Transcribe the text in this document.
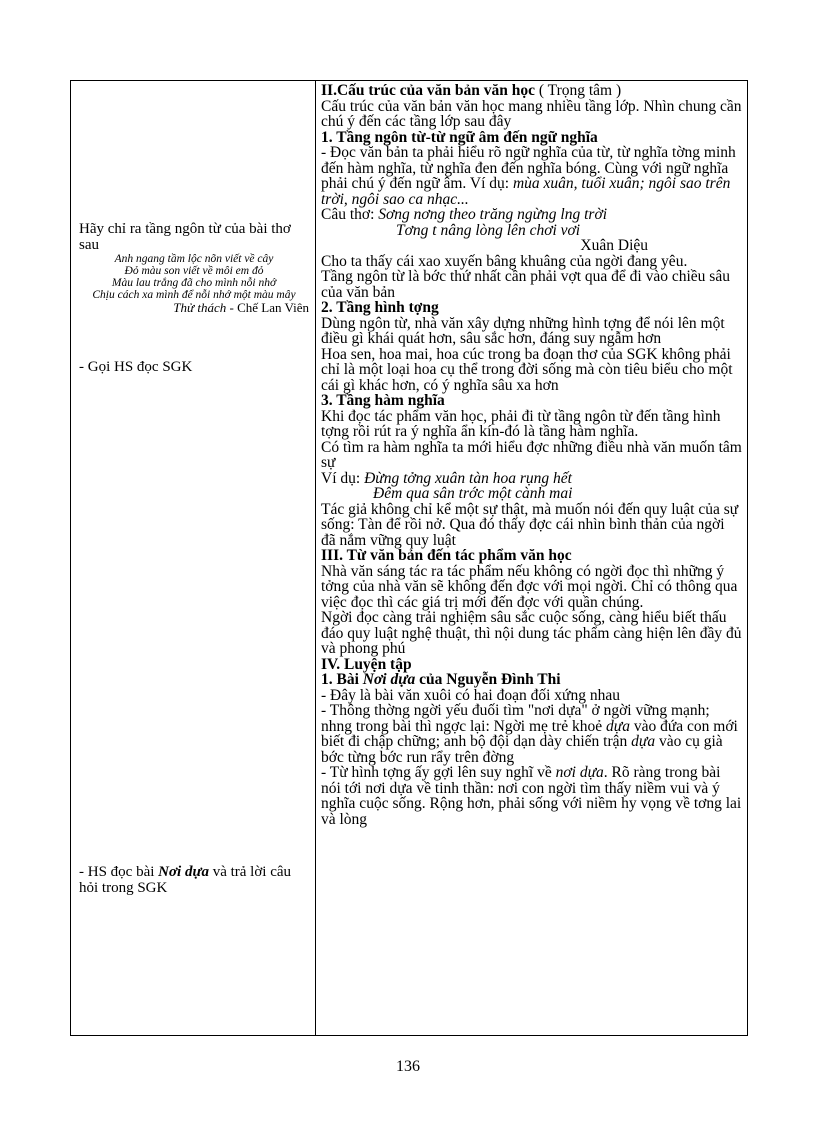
Hãy chỉ ra tầng ngôn từ của bài thơ sau

Anh ngang tầm lộc nõn viết về cây

Đỏ màu son viết về môi em đỏ

Màu lau trắng đã cho mình nỗi nhớ

Chịu cách xa mình để nỗi nhớ một màu mây

Thử thách - Chế Lan Viên

- Gọi HS đọc SGK

- HS đọc bài Nơi dựa và trả lời câu hỏi trong SGK

II.Cấu trúc của văn bản văn học ( Trọng tâm )

Cấu trúc của văn bản văn học mang nhiều tầng lớp. Nhìn chung cần chú ý đến các tầng lớp sau đây

1. Tầng ngôn từ-từ ngữ âm đến ngữ nghĩa

- Đọc văn bản ta phải hiểu rõ ngữ nghĩa của từ, từ nghĩa tờng minh đến hàm nghĩa, từ nghĩa đen đến nghĩa bóng. Cùng với ngữ nghĩa phải chú ý đến ngữ âm. Ví dụ: mùa xuân, tuổi xuân; ngôi sao trên trời, ngôi sao ca nhạc...

Câu thơ: Sơng nơng theo trăng ngừng lng trời

Tơng t nâng lòng lên chơi vơi

Xuân Diệu

Cho ta thấy cái xao xuyến bâng khuâng của ngời đang yêu.

Tầng ngôn từ là bớc thứ nhất cần phải vợt qua để đi vào chiều sâu của văn bản

2. Tầng hình tợng

Dùng ngôn từ, nhà văn xây dựng những hình tợng để nói lên một điều gì khái quát hơn, sâu sắc hơn, đáng suy ngẫm hơn

Hoa sen, hoa mai, hoa cúc trong ba đoạn thơ của SGK không phải chỉ là một loại hoa cụ thể trong đời sống mà còn tiêu biểu cho một cái gì khác hơn, có ý nghĩa sâu xa hơn

3. Tầng hàm nghĩa

Khi đọc tác phẩm văn học, phải đi từ tầng ngôn từ đến tầng hình tợng rồi rút ra ý nghĩa ẩn kín-đó là tầng hàm nghĩa.

Có tìm ra hàm nghĩa ta mới hiểu đợc những điều nhà văn muốn tâm sự

Ví dụ: Đừng tởng xuân tàn hoa rụng hết

Đêm qua sân trớc một cành mai

Tác giả không chỉ kể một sự thật, mà muốn nói đến quy luật của sự sống: Tàn để rồi nở. Qua đó thấy đợc cái nhìn bình thản của ngời đã nắm vững quy luật

III. Từ văn bản đến tác phẩm văn học

Nhà văn sáng tác ra tác phẩm nếu không có ngời đọc thì những ý tởng của nhà văn sẽ không đến đợc với mọi ngời. Chỉ có thông qua việc đọc thì các giá trị mới đến đợc với quần chúng.

Ngời đọc càng trải nghiệm sâu sắc cuộc sống, càng hiểu biết thấu đáo quy luật nghệ thuật, thì nội dung tác phẩm càng hiện lên đầy đủ và phong phú

IV. Luyện tập

1. Bài Nơi dựa của Nguyễn Đình Thi

- Đây là bài văn xuôi có hai đoạn đối xứng nhau

- Thông thờng ngời yếu đuối tìm "nơi dựa" ở ngời vững mạnh; nhng trong bài thì ngợc lại: Ngời mẹ trẻ khoẻ dựa vào đứa con mới biết đi chập chững; anh bộ đội dạn dày chiến trận dựa vào cụ già bớc từng bớc run rẩy trên đờng

- Từ hình tợng ấy gợi lên suy nghĩ về nơi dựa. Rõ ràng trong bài nói tới nơi dựa về tinh thần: nơi con ngời tìm thấy niềm vui và ý nghĩa cuộc sống. Rộng hơn, phải sống với niềm hy vọng về tơng lai và lòng

136
